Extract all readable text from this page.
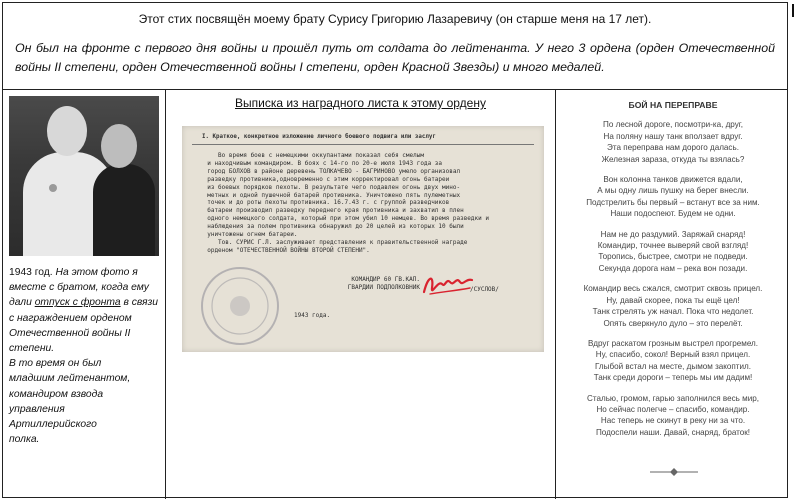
Этот стих посвящён моему брату Сурису Григорию Лазаревичу (он старше меня на 17 лет).
Он был на фронте с первого дня войны и прошёл путь от солдата до лейтенанта. У него 3 ордена (орден Отечественной войны II степени, орден Отечественной войны I степени, орден Красной Звезды) и много медалей.
1943 год. На этом фото я вместе с братом, когда ему дали отпуск с фронта в связи с награждением орденом Отечественной войны II степени.
В то время он был
младшим лейтенантом,
командиром взвода
управления
Артиллерийского
полка.
Выписка из наградного листа к этому ордену
I. Краткое, конкретное изложение личного боевого подвига или заслуг
Во время боев с немецкими оккупантами показал себя смелым
и находчивым командиром. В боях с 14-го по 20-е июля 1943 года за
город БОЛХОВ в районе деревень ТОЛКАЧЕВО - БАГРИНОВО умело организовал
разведку противника,одновременно с этим корректировал огонь батареи
из боевых порядков пехоты. В результате чего подавлен огонь двух мино-
метных и одной пушечной батарей противника. Уничтожено пять пулеметных
точек и до роты пехоты противника. 16.7.43 г. с группой разведчиков
батареи производил разведку переднего края противника и захватил в плен
одного немецкого солдата, который при этом убил 10 немцев. Во время разведки и
наблюдения за полем противника обнаружил до 20 целей из которых 10 были
уничтожены огнем батареи.
Тов. СУРИС Г.Л. заслуживает представления к правительственной награде
орденом "ОТЕЧЕСТВЕННОЙ ВОЙНЫ ВТОРОЙ СТЕПЕНИ".
КОМАНДИР 60 ГВ.КАП.
ГВАРДИИ ПОДПОЛКОВНИК	/СУСЛОВ/
1943 года.
БОЙ НА ПЕРЕПРАВЕ
По лесной дороге, посмотри-ка, друг,
На поляну нашу танк вползает вдруг.
Эта переправа нам дорого далась.
Железная зараза, откуда ты взялась?
Вон колонна танков движется вдали,
А мы одну лишь пушку на берег внесли.
Подстрелить бы первый – встанут все за ним.
Наши подоспеют. Будем не одни.
Нам не до раздумий. Заряжай снаряд!
Командир, точнее выверяй свой взгляд!
Торопись, быстрее, смотри не подведи.
Секунда дорога нам – река вон позади.
Командир весь сжался, смотрит сквозь прицел.
Ну, давай скорее, пока ты ещё цел!
Танк стрелять уж начал. Пока что недолет.
Опять сверкнуло дуло – это перелёт.
Вдруг раскатом грозным выстрел прогремел.
Ну, спасибо, сокол! Верный взял прицел.
Глыбой встал на месте, дымом закоптил.
Танк среди дороги – теперь мы им дадим!
Сталью, громом, гарью заполнился весь мир,
Но сейчас полегче – спасибо, командир.
Нас теперь не скинут в реку ни за что.
Подоспели наши. Давай, снаряд, браток!
